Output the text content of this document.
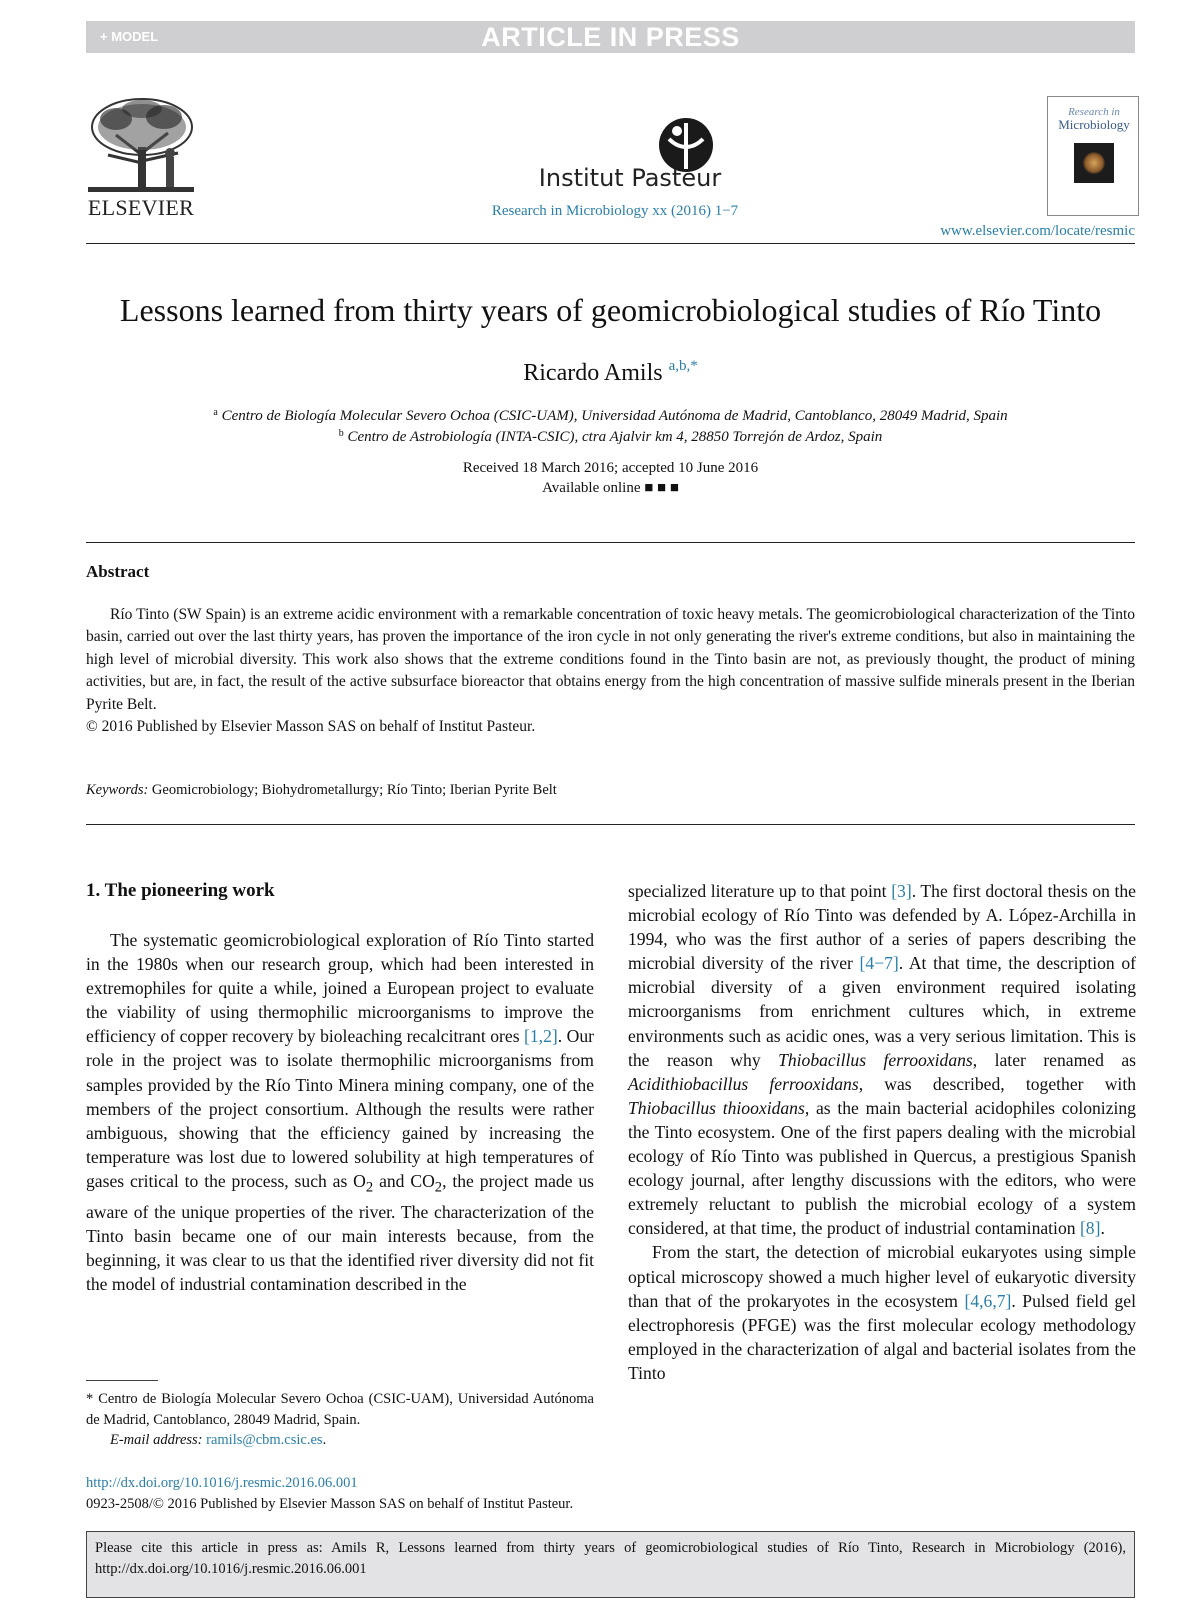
+ MODEL	ARTICLE IN PRESS
ELSEVIER
Institut Pasteur
Research in Microbiology xx (2016) 1−7
Research in
Microbiology
www.elsevier.com/locate/resmic
Lessons learned from thirty years of geomicrobiological studies of Río Tinto
Ricardo Amils $^{a,b,*}$
$^a$ Centro de Biología Molecular Severo Ochoa (CSIC-UAM), Universidad Autónoma de Madrid, Cantoblanco, 28049 Madrid, Spain
$^b$ Centro de Astrobiología (INTA-CSIC), ctra Ajalvir km 4, 28850 Torrejón de Ardoz, Spain
Received 18 March 2016; accepted 10 June 2016
Available online ■ ■ ■
Abstract
Río Tinto (SW Spain) is an extreme acidic environment with a remarkable concentration of toxic heavy metals. The geomicrobiological characterization of the Tinto basin, carried out over the last thirty years, has proven the importance of the iron cycle in not only generating the river's extreme conditions, but also in maintaining the high level of microbial diversity. This work also shows that the extreme conditions found in the Tinto basin are not, as previously thought, the product of mining activities, but are, in fact, the result of the active subsurface bioreactor that obtains energy from the high concentration of massive sulfide minerals present in the Iberian Pyrite Belt.
© 2016 Published by Elsevier Masson SAS on behalf of Institut Pasteur.
Keywords: Geomicrobiology; Biohydrometallurgy; Río Tinto; Iberian Pyrite Belt
1. The pioneering work

The systematic geomicrobiological exploration of Río Tinto started in the 1980s when our research group, which had been interested in extremophiles for quite a while, joined a European project to evaluate the viability of using thermophilic microorganisms to improve the efficiency of copper recovery by bioleaching recalcitrant ores [1,2]. Our role in the project was to isolate thermophilic microorganisms from samples provided by the Río Tinto Minera mining company, one of the members of the project consortium. Although the results were rather ambiguous, showing that the efficiency gained by increasing the temperature was lost due to lowered solubility at high temperatures of gases critical to the process, such as $O_2$ and $CO_2$, the project made us aware of the unique properties of the river. The characterization of the Tinto basin became one of our main interests because, from the beginning, it was clear to us that the identified river diversity did not fit the model of industrial contamination described in the

specialized literature up to that point [3]. The first doctoral thesis on the microbial ecology of Río Tinto was defended by A. López-Archilla in 1994, who was the first author of a series of papers describing the microbial diversity of the river [4−7]. At that time, the description of microbial diversity of a given environment required isolating microorganisms from enrichment cultures which, in extreme environments such as acidic ones, was a very serious limitation. This is the reason why Thiobacillus ferrooxidans, later renamed as Acidithiobacillus ferrooxidans, was described, together with Thiobacillus thiooxidans, as the main bacterial acidophiles colonizing the Tinto ecosystem. One of the first papers dealing with the microbial ecology of Río Tinto was published in Quercus, a prestigious Spanish ecology journal, after lengthy discussions with the editors, who were extremely reluctant to publish the microbial ecology of a system considered, at that time, the product of industrial contamination [8].

From the start, the detection of microbial eukaryotes using simple optical microscopy showed a much higher level of eukaryotic diversity than that of the prokaryotes in the ecosystem [4,6,7]. Pulsed field gel electrophoresis (PFGE) was the first molecular ecology methodology employed in the characterization of algal and bacterial isolates from the Tinto

* Centro de Biología Molecular Severo Ochoa (CSIC-UAM), Universidad Autónoma de Madrid, Cantoblanco, 28049 Madrid, Spain.
E-mail address: ramils@cbm.csic.es.
http://dx.doi.org/10.1016/j.resmic.2016.06.001
0923-2508/© 2016 Published by Elsevier Masson SAS on behalf of Institut Pasteur.
Please cite this article in press as: Amils R, Lessons learned from thirty years of geomicrobiological studies of Río Tinto, Research in Microbiology (2016), http://dx.doi.org/10.1016/j.resmic.2016.06.001
